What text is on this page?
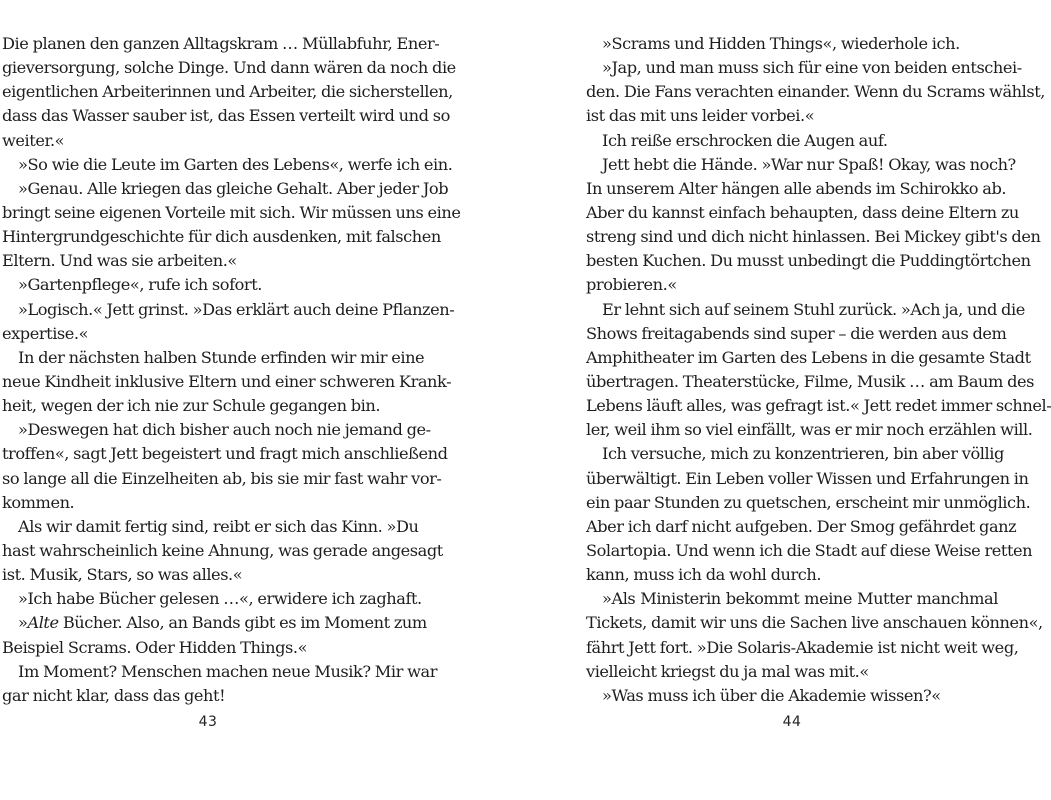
Die planen den ganzen Alltagskram … Müllabfuhr, Ener-
gieversorgung, solche Dinge. Und dann wären da noch die
eigentlichen Arbeiterinnen und Arbeiter, die sicherstellen,
dass das Wasser sauber ist, das Essen verteilt wird und so
weiter.«
»So wie die Leute im Garten des Lebens«, werfe ich ein.
»Genau. Alle kriegen das gleiche Gehalt. Aber jeder Job
bringt seine eigenen Vorteile mit sich. Wir müssen uns eine
Hintergrundgeschichte für dich ausdenken, mit falschen
Eltern. Und was sie arbeiten.«
»Gartenpflege«, rufe ich sofort.
»Logisch.« Jett grinst. »Das erklärt auch deine Pflanzen-
expertise.«
In der nächsten halben Stunde erfinden wir mir eine
neue Kindheit inklusive Eltern und einer schweren Krank-
heit, wegen der ich nie zur Schule gegangen bin.
»Deswegen hat dich bisher auch noch nie jemand ge-
troffen«, sagt Jett begeistert und fragt mich anschließend
so lange all die Einzelheiten ab, bis sie mir fast wahr vor-
kommen.
Als wir damit fertig sind, reibt er sich das Kinn. »Du
hast wahrscheinlich keine Ahnung, was gerade angesagt
ist. Musik, Stars, so was alles.«
»Ich habe Bücher gelesen …«, erwidere ich zaghaft.
»Alte Bücher. Also, an Bands gibt es im Moment zum
Beispiel Scrams. Oder Hidden Things.«
Im Moment? Menschen machen neue Musik? Mir war
gar nicht klar, dass das geht!
43
»Scrams und Hidden Things«, wiederhole ich.
»Jap, und man muss sich für eine von beiden entschei-
den. Die Fans verachten einander. Wenn du Scrams wählst,
ist das mit uns leider vorbei.«
Ich reiße erschrocken die Augen auf.
Jett hebt die Hände. »War nur Spaß! Okay, was noch?
In unserem Alter hängen alle abends im Schirokko ab.
Aber du kannst einfach behaupten, dass deine Eltern zu
streng sind und dich nicht hinlassen. Bei Mickey gibt's den
besten Kuchen. Du musst unbedingt die Puddingtörtchen
probieren.«
Er lehnt sich auf seinem Stuhl zurück. »Ach ja, und die
Shows freitagabends sind super – die werden aus dem
Amphitheater im Garten des Lebens in die gesamte Stadt
übertragen. Theaterstücke, Filme, Musik … am Baum des
Lebens läuft alles, was gefragt ist.« Jett redet immer schnel-
ler, weil ihm so viel einfällt, was er mir noch erzählen will.
Ich versuche, mich zu konzentrieren, bin aber völlig
überwältigt. Ein Leben voller Wissen und Erfahrungen in
ein paar Stunden zu quetschen, erscheint mir unmöglich.
Aber ich darf nicht aufgeben. Der Smog gefährdet ganz
Solartopia. Und wenn ich die Stadt auf diese Weise retten
kann, muss ich da wohl durch.
»Als Ministerin bekommt meine Mutter manchmal
Tickets, damit wir uns die Sachen live anschauen können«,
fährt Jett fort. »Die Solaris-Akademie ist nicht weit weg,
vielleicht kriegst du ja mal was mit.«
»Was muss ich über die Akademie wissen?«
44
